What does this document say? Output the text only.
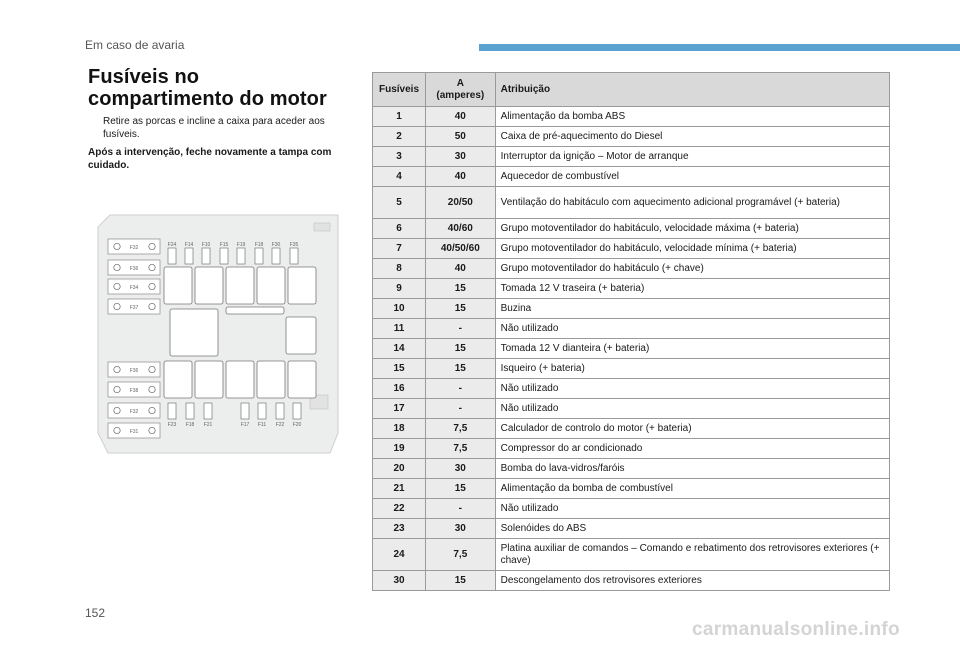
Em caso de avaria
Fusíveis no compartimento do motor
Retire as porcas e incline a caixa para aceder aos fusíveis.
Após a intervenção, feche novamente a tampa com cuidado.
F32
F36
F34
F37
F36
F38
F32
F31
F24 F14 F10 F15 F19 F18 F30 F35
F23 F18 F21	F17 F11 F22 F20
Fusíveis	A (amperes)	Atribuição
1	40	Alimentação da bomba ABS
2	50	Caixa de pré-aquecimento do Diesel
3	30	Interruptor da ignição – Motor de arranque
4	40	Aquecedor de combustível
5	20/50	Ventilação do habitáculo com aquecimento adicional programável (+ bateria)
6	40/60	Grupo motoventilador do habitáculo, velocidade máxima (+ bateria)
7	40/50/60	Grupo motoventilador do habitáculo, velocidade mínima (+ bateria)
8	40	Grupo motoventilador do habitáculo (+ chave)
9	15	Tomada 12 V traseira (+ bateria)
10	15	Buzina
11	-	Não utilizado
14	15	Tomada 12 V dianteira (+ bateria)
15	15	Isqueiro (+ bateria)
16	-	Não utilizado
17	-	Não utilizado
18	7,5	Calculador de controlo do motor (+ bateria)
19	7,5	Compressor do ar condicionado
20	30	Bomba do lava-vidros/faróis
21	15	Alimentação da bomba de combustível
22	-	Não utilizado
23	30	Solenóides do ABS
24	7,5	Platina auxiliar de comandos – Comando e rebatimento dos retrovisores exteriores (+ chave)
30	15	Descongelamento dos retrovisores exteriores
152
carmanualsonline.info
